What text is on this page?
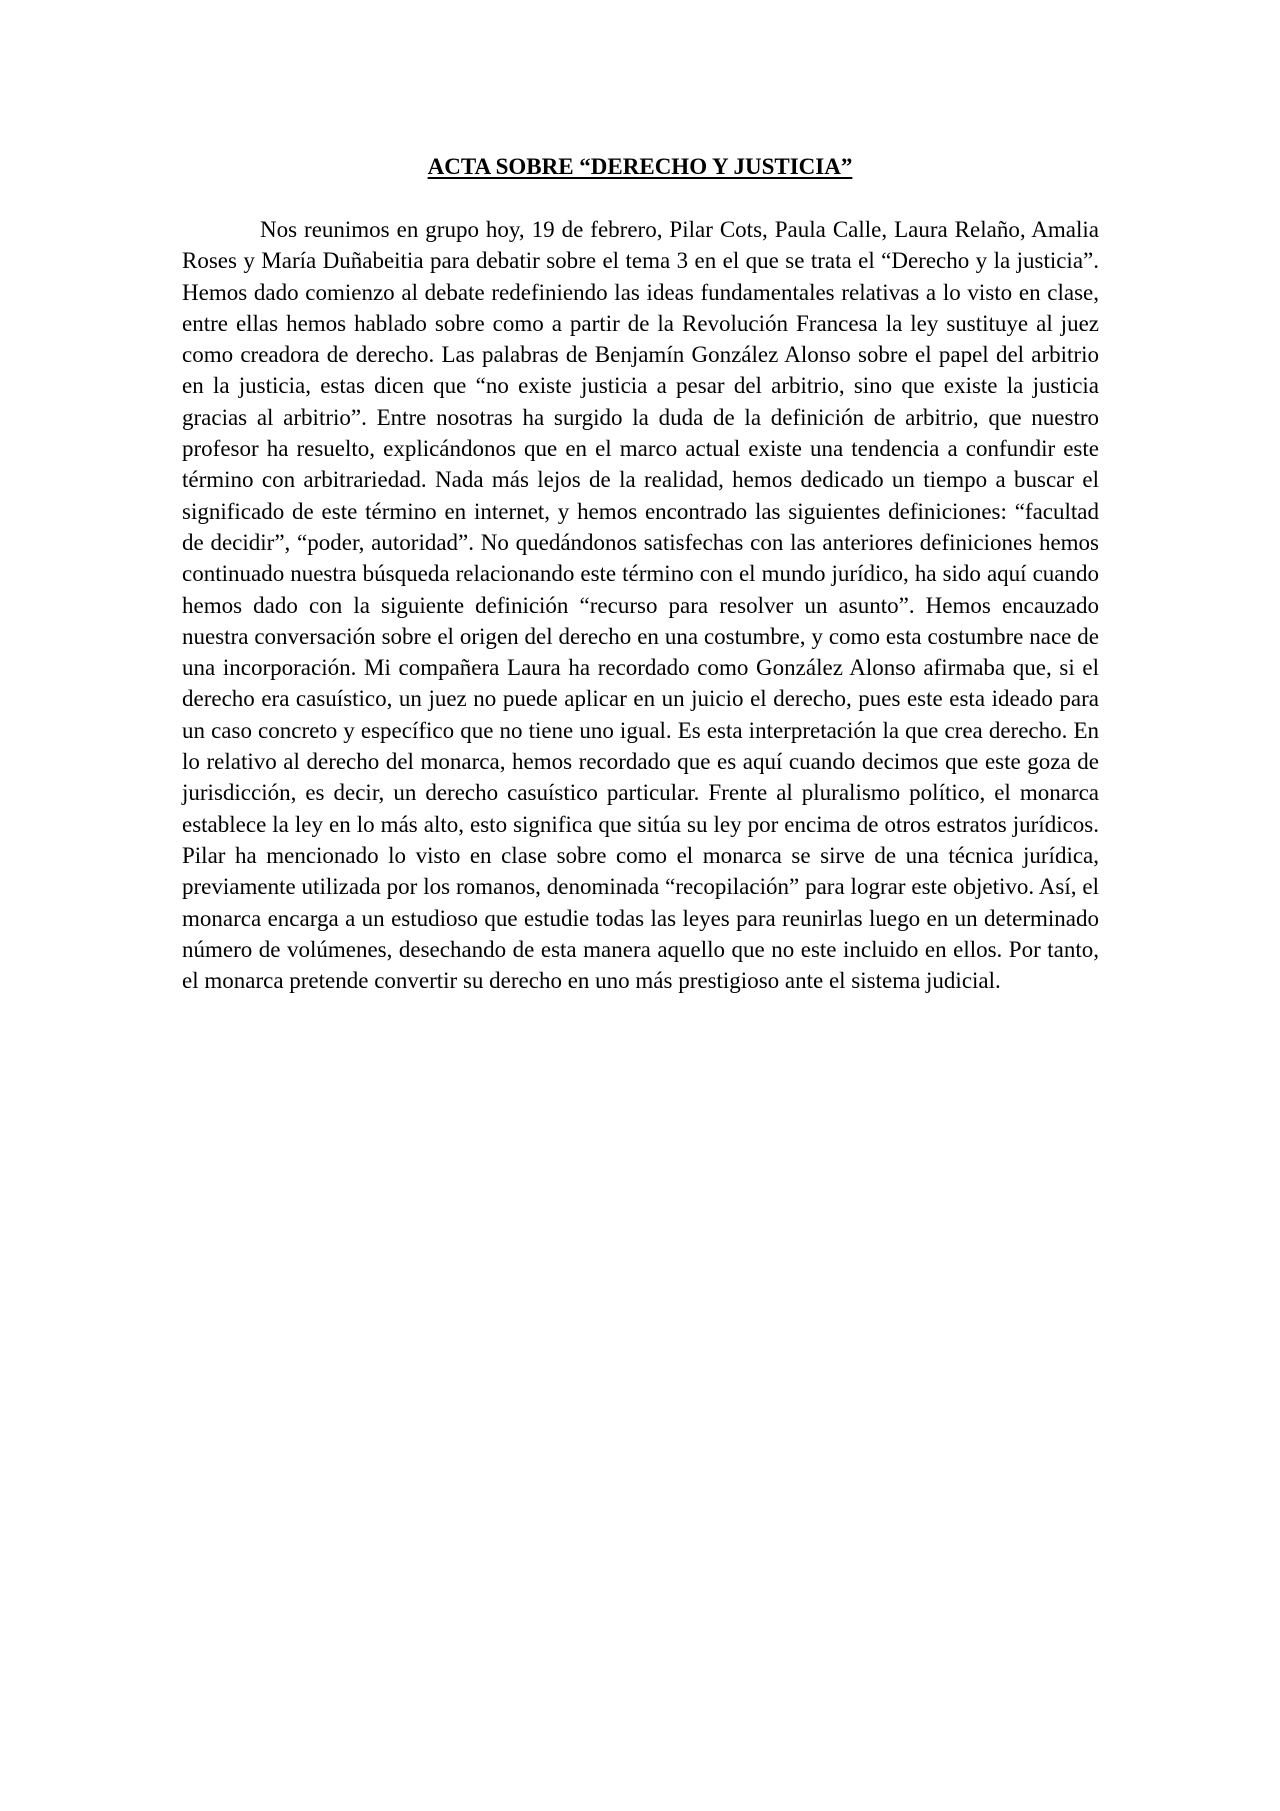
ACTA SOBRE “DERECHO Y JUSTICIA”

Nos reunimos en grupo hoy, 19 de febrero, Pilar Cots, Paula Calle, Laura Relaño, Amalia Roses y María Duñabeitia para debatir sobre el tema 3 en el que se trata el “Derecho y la justicia”. Hemos dado comienzo al debate redefiniendo las ideas fundamentales relativas a lo visto en clase, entre ellas hemos hablado sobre como a partir de la Revolución Francesa la ley sustituye al juez como creadora de derecho. Las palabras de Benjamín González Alonso sobre el papel del arbitrio en la justicia, estas dicen que “no existe justicia a pesar del arbitrio, sino que existe la justicia gracias al arbitrio”. Entre nosotras ha surgido la duda de la definición de arbitrio, que nuestro profesor ha resuelto, explicándonos que en el marco actual existe una tendencia a confundir este término con arbitrariedad. Nada más lejos de la realidad, hemos dedicado un tiempo a buscar el significado de este término en internet, y hemos encontrado las siguientes definiciones: “facultad de decidir”, “poder, autoridad”. No quedándonos satisfechas con las anteriores definiciones hemos continuado nuestra búsqueda relacionando este término con el mundo jurídico, ha sido aquí cuando hemos dado con la siguiente definición “recurso para resolver un asunto”. Hemos encauzado nuestra conversación sobre el origen del derecho en una costumbre, y como esta costumbre nace de una incorporación. Mi compañera Laura ha recordado como González Alonso afirmaba que, si el derecho era casuístico, un juez no puede aplicar en un juicio el derecho, pues este esta ideado para un caso concreto y específico que no tiene uno igual. Es esta interpretación la que crea derecho. En lo relativo al derecho del monarca, hemos recordado que es aquí cuando decimos que este goza de jurisdicción, es decir, un derecho casuístico particular. Frente al pluralismo político, el monarca establece la ley en lo más alto, esto significa que sitúa su ley por encima de otros estratos jurídicos. Pilar ha mencionado lo visto en clase sobre como el monarca se sirve de una técnica jurídica, previamente utilizada por los romanos, denominada “recopilación” para lograr este objetivo. Así, el monarca encarga a un estudioso que estudie todas las leyes para reunirlas luego en un determinado número de volúmenes, desechando de esta manera aquello que no este incluido en ellos. Por tanto, el monarca pretende convertir su derecho en uno más prestigioso ante el sistema judicial.
